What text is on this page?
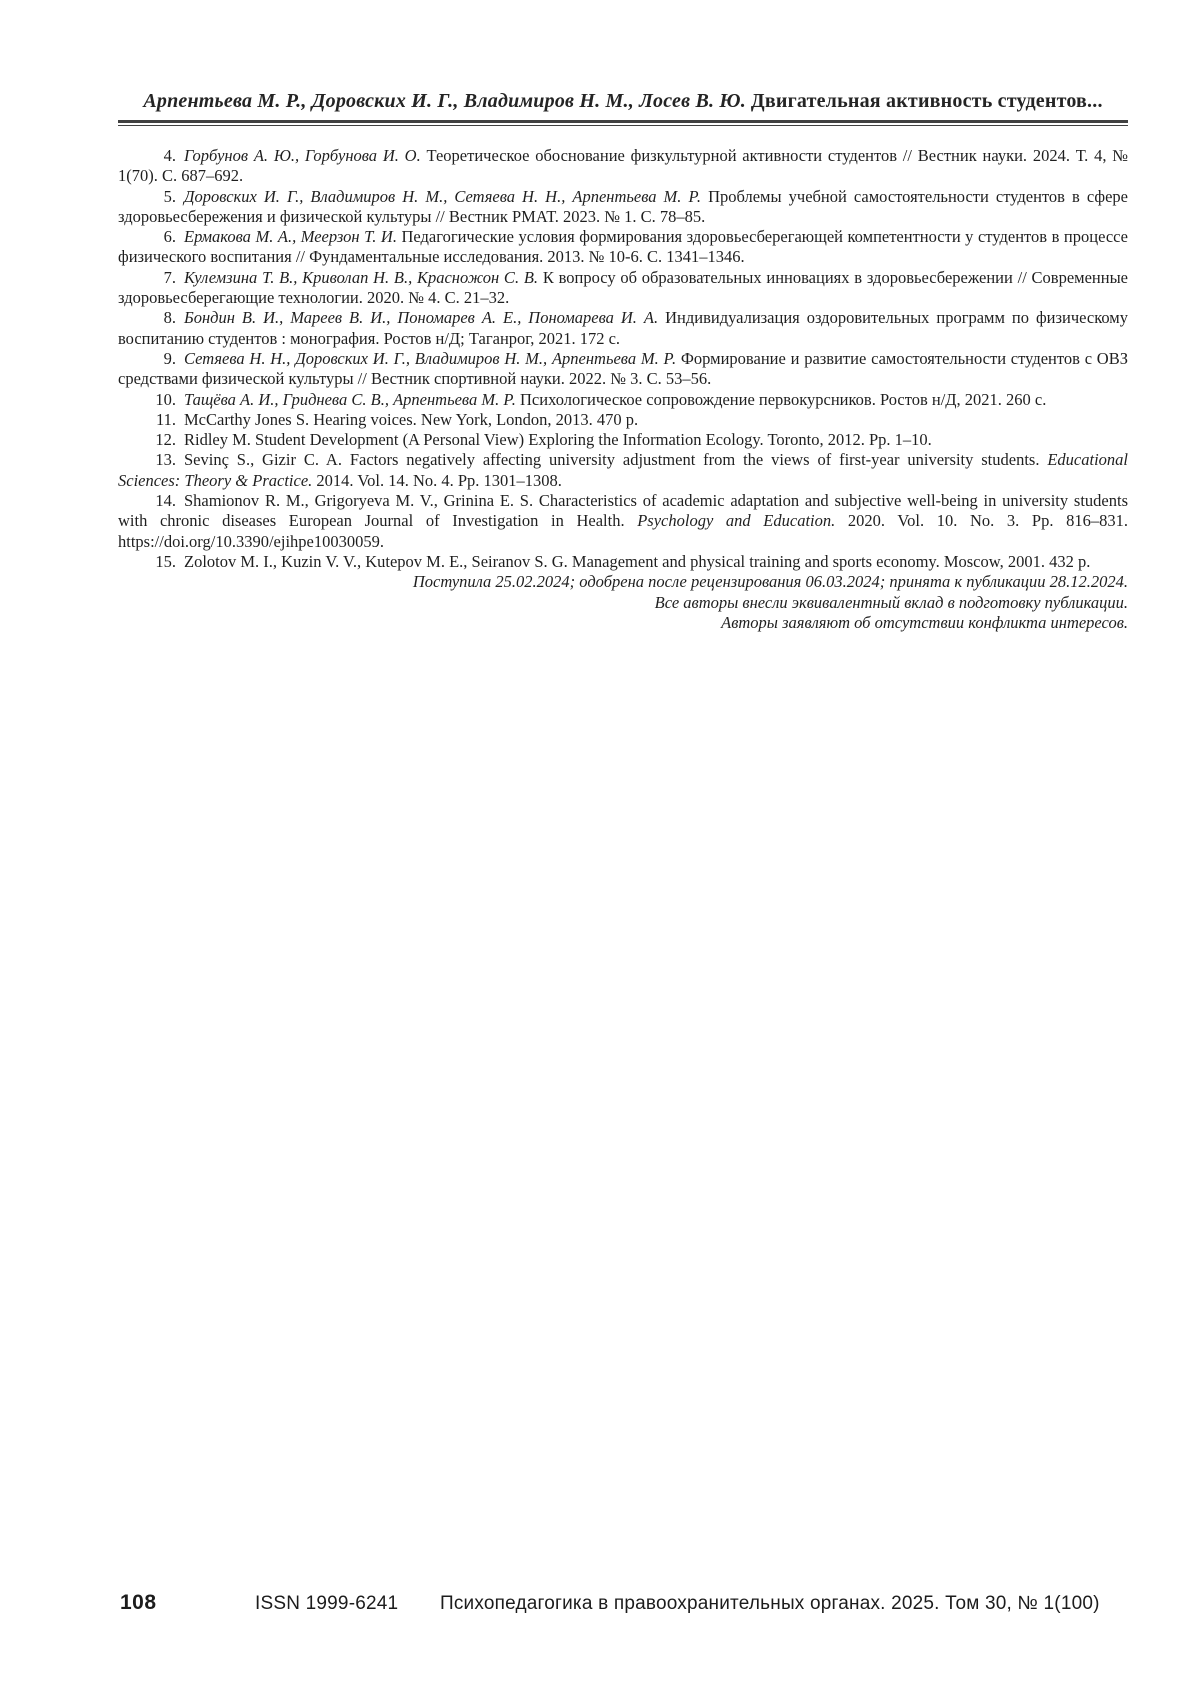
Арпентьева М. Р., Доровских И. Г., Владимиров Н. М., Лосев В. Ю. Двигательная активность студентов...

4. Горбунов А. Ю., Горбунова И. О. Теоретическое обоснование физкультурной активности студентов // Вестник науки. 2024. Т. 4, № 1(70). С. 687–692.

5. Доровских И. Г., Владимиров Н. М., Сетяева Н. Н., Арпентьева М. Р. Проблемы учебной самостоятельности студентов в сфере здоровьесбережения и физической культуры // Вестник РМАТ. 2023. № 1. С. 78–85.

6. Ермакова М. А., Меерзон Т. И. Педагогические условия формирования здоровьесберегающей компетентности у студентов в процессе физического воспитания // Фундаментальные исследования. 2013. № 10-6. С. 1341–1346.

7. Кулемзина Т. В., Криволап Н. В., Красножон С. В. К вопросу об образовательных инновациях в здоровьесбережении // Современные здоровьесберегающие технологии. 2020. № 4. С. 21–32.

8. Бондин В. И., Мареев В. И., Пономарев А. Е., Пономарева И. А. Индивидуализация оздоровительных программ по физическому воспитанию студентов : монография. Ростов н/Д; Таганрог, 2021. 172 с.

9. Сетяева Н. Н., Доровских И. Г., Владимиров Н. М., Арпентьева М. Р. Формирование и развитие самостоятельности студентов с ОВЗ средствами физической культуры // Вестник спортивной науки. 2022. № 3. С. 53–56.

10. Тащёва А. И., Гриднева С. В., Арпентьева М. Р. Психологическое сопровождение первокурсников. Ростов н/Д, 2021. 260 с.

11. McCarthy Jones S. Hearing voices. New York, London, 2013. 470 p.

12. Ridley M. Student Development (A Personal View) Exploring the Information Ecology. Toronto, 2012. Pp. 1–10.

13. Sevinç S., Gizir C. A. Factors negatively affecting university adjustment from the views of first-year university students. Educational Sciences: Theory & Practice. 2014. Vol. 14. No. 4. Pp. 1301–1308.

14. Shamionov R. M., Grigoryeva M. V., Grinina E. S. Characteristics of academic adaptation and subjective well-being in university students with chronic diseases European Journal of Investigation in Health. Psychology and Education. 2020. Vol. 10. No. 3. Pp. 816–831. https://doi.org/10.3390/ejihpe10030059.

15. Zolotov M. I., Kuzin V. V., Kutepov M. E., Seiranov S. G. Management and physical training and sports economy. Moscow, 2001. 432 p.

Поступила 25.02.2024; одобрена после рецензирования 06.03.2024; принята к публикации 28.12.2024.
Все авторы внесли эквивалентный вклад в подготовку публикации.
Авторы заявляют об отсутствии конфликта интересов.
108	ISSN 1999-6241 Психопедагогика в правоохранительных органах. 2025. Том 30, № 1(100)
